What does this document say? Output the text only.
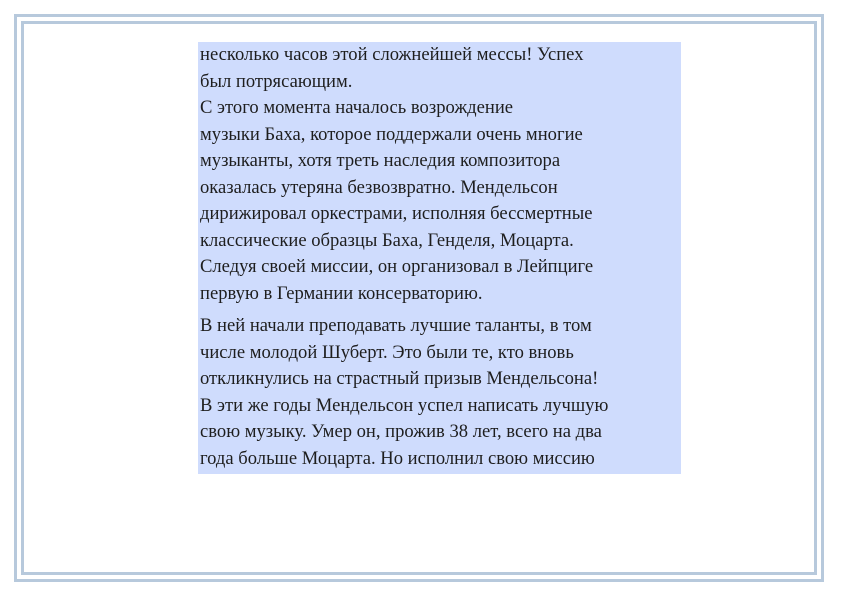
несколько часов этой сложнейшей мессы! Успех
был потрясающим.
С этого момента началось возрождение
музыки Баха, которое поддержали очень многие
музыканты, хотя треть наследия композитора
оказалась утеряна безвозвратно. Мендельсон
дирижировал оркестрами, исполняя бессмертные
классические образцы Баха, Генделя, Моцарта.
Следуя своей миссии, он организовал в Лейпциге
первую в Германии консерваторию.

В ней начали преподавать лучшие таланты, в том
числе молодой Шуберт. Это были те, кто вновь
откликнулись на страстный призыв Мендельсона!
В эти же годы Мендельсон успел написать лучшую
свою музыку. Умер он, прожив 38 лет, всего на два
года больше Моцарта. Но исполнил свою миссию
